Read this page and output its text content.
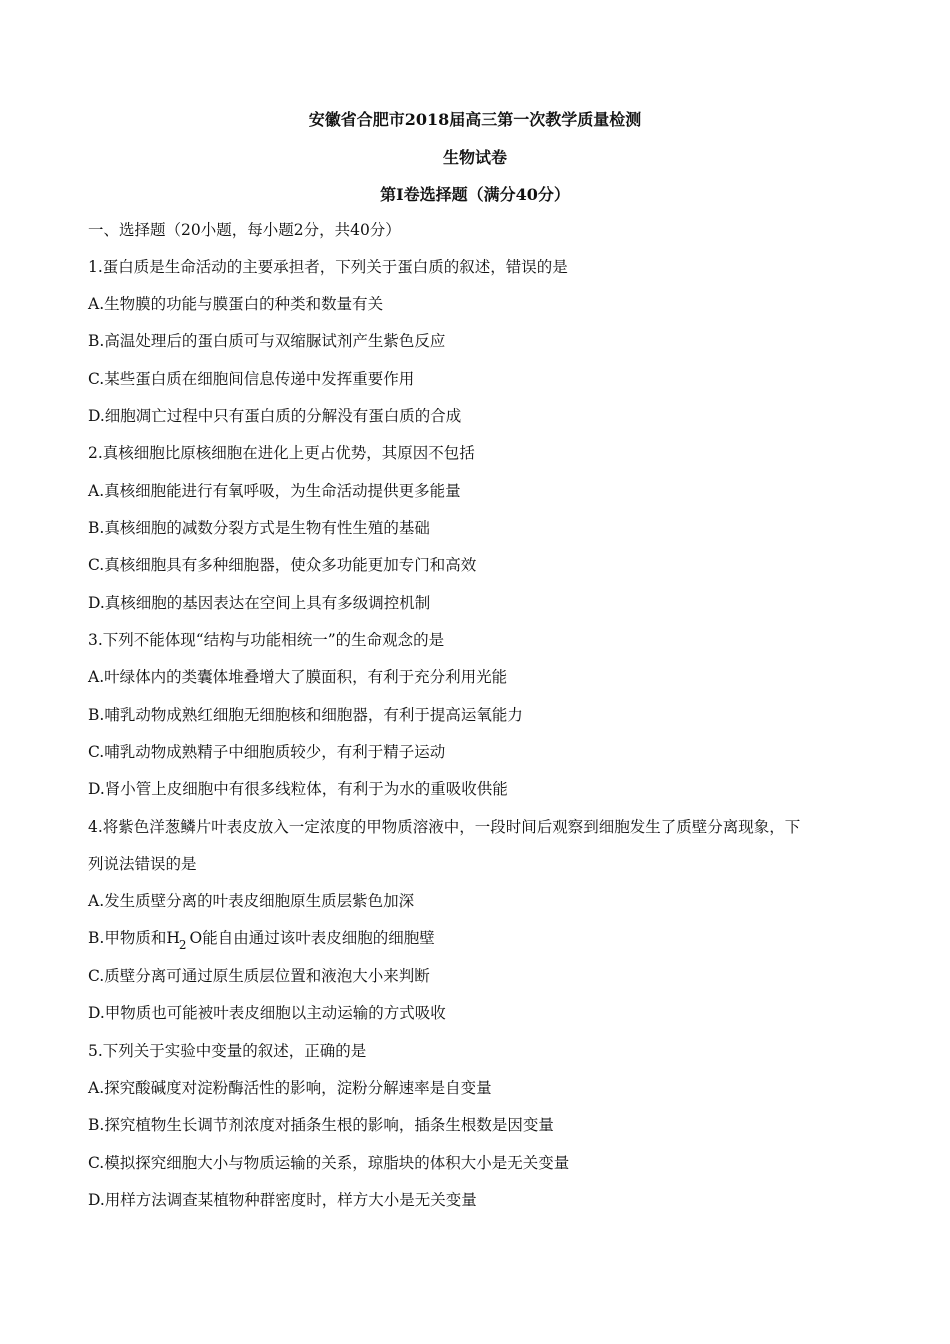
安徽省合肥市2018届高三第一次教学质量检测
生物试卷
第Ⅰ卷选择题（满分40分）
一、选择题（20小题，每小题2分，共40分）
1.蛋白质是生命活动的主要承担者，下列关于蛋白质的叙述，错误的是
A.生物膜的功能与膜蛋白的种类和数量有关
B.高温处理后的蛋白质可与双缩脲试剂产生紫色反应
C.某些蛋白质在细胞间信息传递中发挥重要作用
D.细胞凋亡过程中只有蛋白质的分解没有蛋白质的合成
2.真核细胞比原核细胞在进化上更占优势，其原因不包括
A.真核细胞能进行有氧呼吸，为生命活动提供更多能量
B.真核细胞的减数分裂方式是生物有性生殖的基础
C.真核细胞具有多种细胞器，使众多功能更加专门和高效
D.真核细胞的基因表达在空间上具有多级调控机制
3.下列不能体现“结构与功能相统一”的生命观念的是
A.叶绿体内的类囊体堆叠增大了膜面积，有利于充分利用光能
B.哺乳动物成熟红细胞无细胞核和细胞器，有利于提高运氧能力
C.哺乳动物成熟精子中细胞质较少，有利于精子运动
D.肾小管上皮细胞中有很多线粒体，有利于为水的重吸收供能
4.将紫色洋葱鳞片叶表皮放入一定浓度的甲物质溶液中，一段时间后观察到细胞发生了质壁分离现象，下
列说法错误的是
A.发生质壁分离的叶表皮细胞原生质层紫色加深
B.甲物质和$H_2$ O能自由通过该叶表皮细胞的细胞壁
C.质壁分离可通过原生质层位置和液泡大小来判断
D.甲物质也可能被叶表皮细胞以主动运输的方式吸收
5.下列关于实验中变量的叙述，正确的是
A.探究酸碱度对淀粉酶活性的影响，淀粉分解速率是自变量
B.探究植物生长调节剂浓度对插条生根的影响，插条生根数是因变量
C.模拟探究细胞大小与物质运输的关系，琼脂块的体积大小是无关变量
D.用样方法调查某植物种群密度时，样方大小是无关变量
